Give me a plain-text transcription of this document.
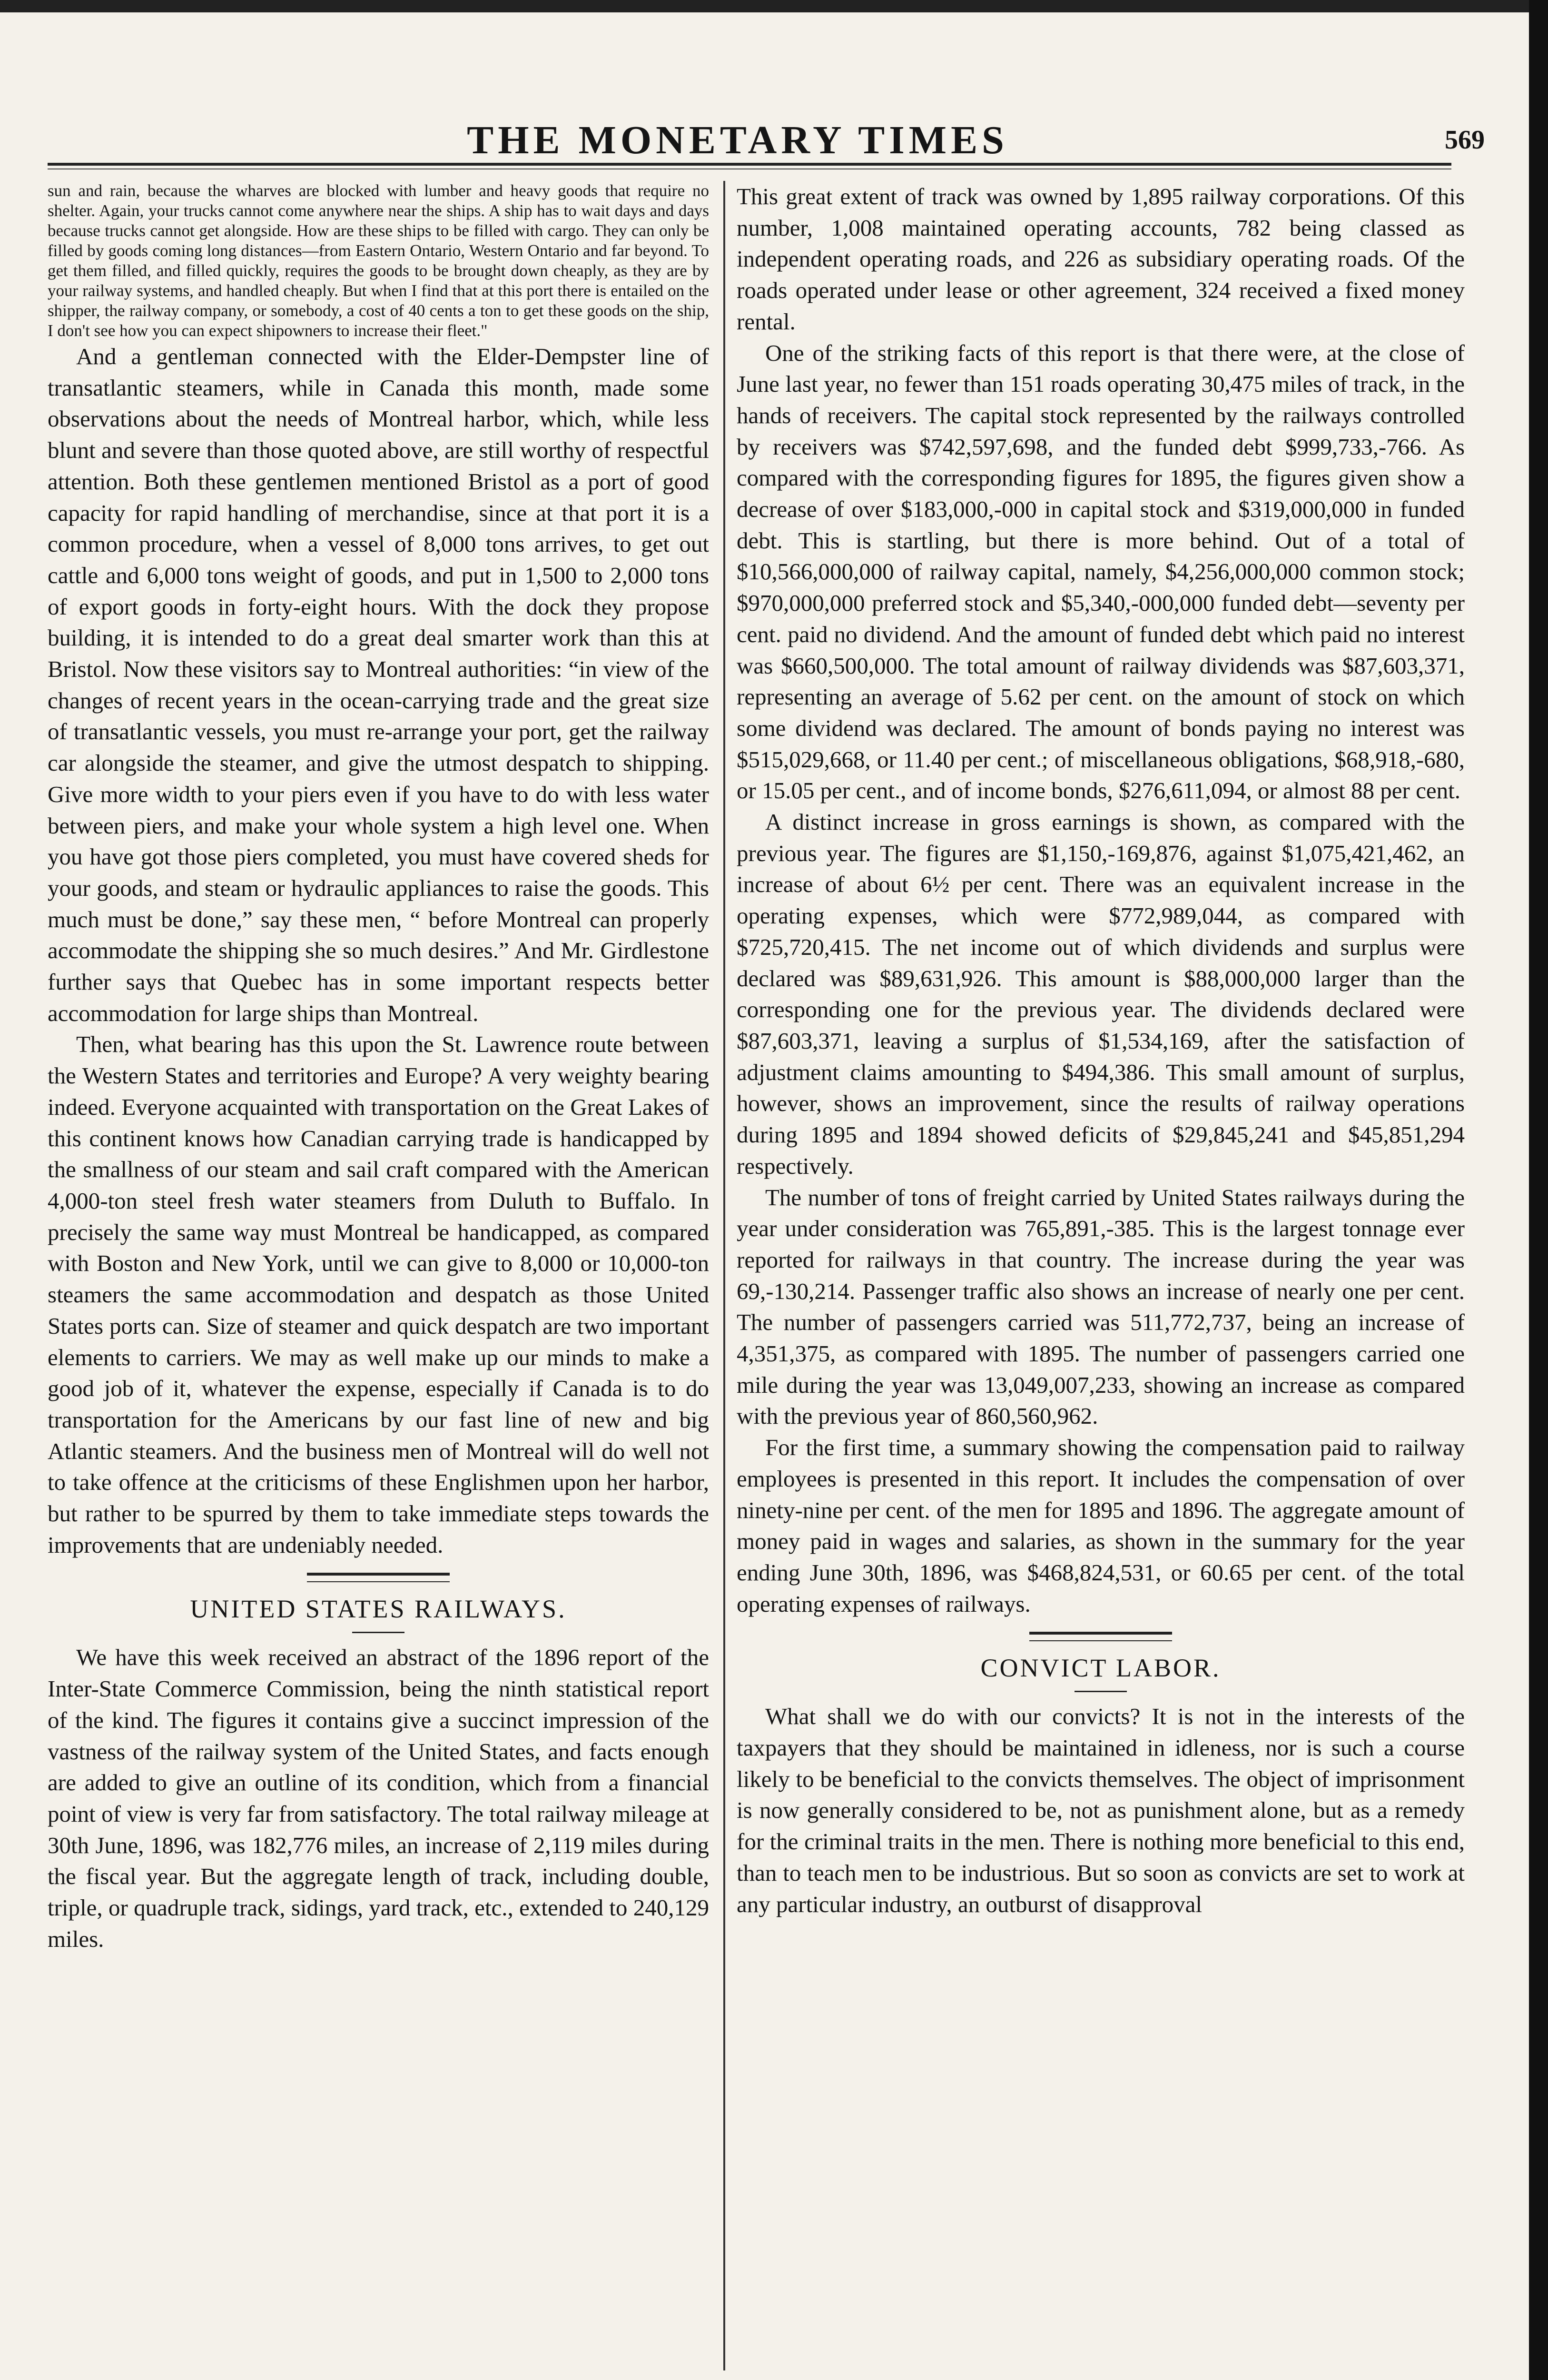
THE MONETARY TIMES	569

sun and rain, because the wharves are blocked with lumber and heavy goods that require no shelter. Again, your trucks cannot come anywhere near the ships. A ship has to wait days and days because trucks cannot get alongside. How are these ships to be filled with cargo. They can only be filled by goods coming long distances—from Eastern Ontario, Western Ontario and far beyond. To get them filled, and filled quickly, requires the goods to be brought down cheaply, as they are by your railway systems, and handled cheaply. But when I find that at this port there is entailed on the shipper, the railway company, or somebody, a cost of 40 cents a ton to get these goods on the ship, I don't see how you can expect shipowners to increase their fleet."

And a gentleman connected with the Elder-Dempster line of transatlantic steamers, while in Canada this month, made some observations about the needs of Montreal harbor, which, while less blunt and severe than those quoted above, are still worthy of respectful attention. Both these gentlemen mentioned Bristol as a port of good capacity for rapid handling of merchandise, since at that port it is a common procedure, when a vessel of 8,000 tons arrives, to get out cattle and 6,000 tons weight of goods, and put in 1,500 to 2,000 tons of export goods in forty-eight hours. With the dock they propose building, it is intended to do a great deal smarter work than this at Bristol. Now these visitors say to Montreal authorities: “in view of the changes of recent years in the ocean-carrying trade and the great size of transatlantic vessels, you must re-arrange your port, get the railway car alongside the steamer, and give the utmost despatch to shipping. Give more width to your piers even if you have to do with less water between piers, and make your whole system a high level one. When you have got those piers completed, you must have covered sheds for your goods, and steam or hydraulic appliances to raise the goods. This much must be done,” say these men, “ before Montreal can properly accommodate the shipping she so much desires.” And Mr. Girdlestone further says that Quebec has in some important respects better accommodation for large ships than Montreal.

Then, what bearing has this upon the St. Lawrence route between the Western States and territories and Europe? A very weighty bearing indeed. Everyone acquainted with transportation on the Great Lakes of this continent knows how Canadian carrying trade is handicapped by the smallness of our steam and sail craft compared with the American 4,000-ton steel fresh water steamers from Duluth to Buffalo. In precisely the same way must Montreal be handicapped, as compared with Boston and New York, until we can give to 8,000 or 10,000-ton steamers the same accommodation and despatch as those United States ports can. Size of steamer and quick despatch are two important elements to carriers. We may as well make up our minds to make a good job of it, whatever the expense, especially if Canada is to do transportation for the Americans by our fast line of new and big Atlantic steamers. And the business men of Montreal will do well not to take offence at the criticisms of these Englishmen upon her harbor, but rather to be spurred by them to take immediate steps towards the improvements that are undeniably needed.

UNITED STATES RAILWAYS.

We have this week received an abstract of the 1896 report of the Inter-State Commerce Commission, being the ninth statistical report of the kind. The figures it contains give a succinct impression of the vastness of the railway system of the United States, and facts enough are added to give an outline of its condition, which from a financial point of view is very far from satisfactory. The total railway mileage at 30th June, 1896, was 182,776 miles, an increase of 2,119 miles during the fiscal year. But the aggregate length of track, including double, triple, or quadruple track, sidings, yard track, etc., extended to 240,129 miles.

This great extent of track was owned by 1,895 railway corporations. Of this number, 1,008 maintained operating accounts, 782 being classed as independent operating roads, and 226 as subsidiary operating roads. Of the roads operated under lease or other agreement, 324 received a fixed money rental.

One of the striking facts of this report is that there were, at the close of June last year, no fewer than 151 roads operating 30,475 miles of track, in the hands of receivers. The capital stock represented by the railways controlled by receivers was $742,597,698, and the funded debt $999,733,-766. As compared with the corresponding figures for 1895, the figures given show a decrease of over $183,000,-000 in capital stock and $319,000,000 in funded debt. This is startling, but there is more behind. Out of a total of $10,566,000,000 of railway capital, namely, $4,256,000,000 common stock; $970,000,000 preferred stock and $5,340,-000,000 funded debt—seventy per cent. paid no dividend. And the amount of funded debt which paid no interest was $660,500,000. The total amount of railway dividends was $87,603,371, representing an average of 5.62 per cent. on the amount of stock on which some dividend was declared. The amount of bonds paying no interest was $515,029,668, or 11.40 per cent.; of miscellaneous obligations, $68,918,-680, or 15.05 per cent., and of income bonds, $276,611,094, or almost 88 per cent.

A distinct increase in gross earnings is shown, as compared with the previous year. The figures are $1,150,-169,876, against $1,075,421,462, an increase of about 6½ per cent. There was an equivalent increase in the operating expenses, which were $772,989,044, as compared with $725,720,415. The net income out of which dividends and surplus were declared was $89,631,926. This amount is $88,000,000 larger than the corresponding one for the previous year. The dividends declared were $87,603,371, leaving a surplus of $1,534,169, after the satisfaction of adjustment claims amounting to $494,386. This small amount of surplus, however, shows an improvement, since the results of railway operations during 1895 and 1894 showed deficits of $29,845,241 and $45,851,294 respectively.

The number of tons of freight carried by United States railways during the year under consideration was 765,891,-385. This is the largest tonnage ever reported for railways in that country. The increase during the year was 69,-130,214. Passenger traffic also shows an increase of nearly one per cent. The number of passengers carried was 511,772,737, being an increase of 4,351,375, as compared with 1895. The number of passengers carried one mile during the year was 13,049,007,233, showing an increase as compared with the previous year of 860,560,962.

For the first time, a summary showing the compensation paid to railway employees is presented in this report. It includes the compensation of over ninety-nine per cent. of the men for 1895 and 1896. The aggregate amount of money paid in wages and salaries, as shown in the summary for the year ending June 30th, 1896, was $468,824,531, or 60.65 per cent. of the total operating expenses of railways.

CONVICT LABOR.

What shall we do with our convicts? It is not in the interests of the taxpayers that they should be maintained in idleness, nor is such a course likely to be beneficial to the convicts themselves. The object of imprisonment is now generally considered to be, not as punishment alone, but as a remedy for the criminal traits in the men. There is nothing more beneficial to this end, than to teach men to be industrious. But so soon as convicts are set to work at any particular industry, an outburst of disapproval
